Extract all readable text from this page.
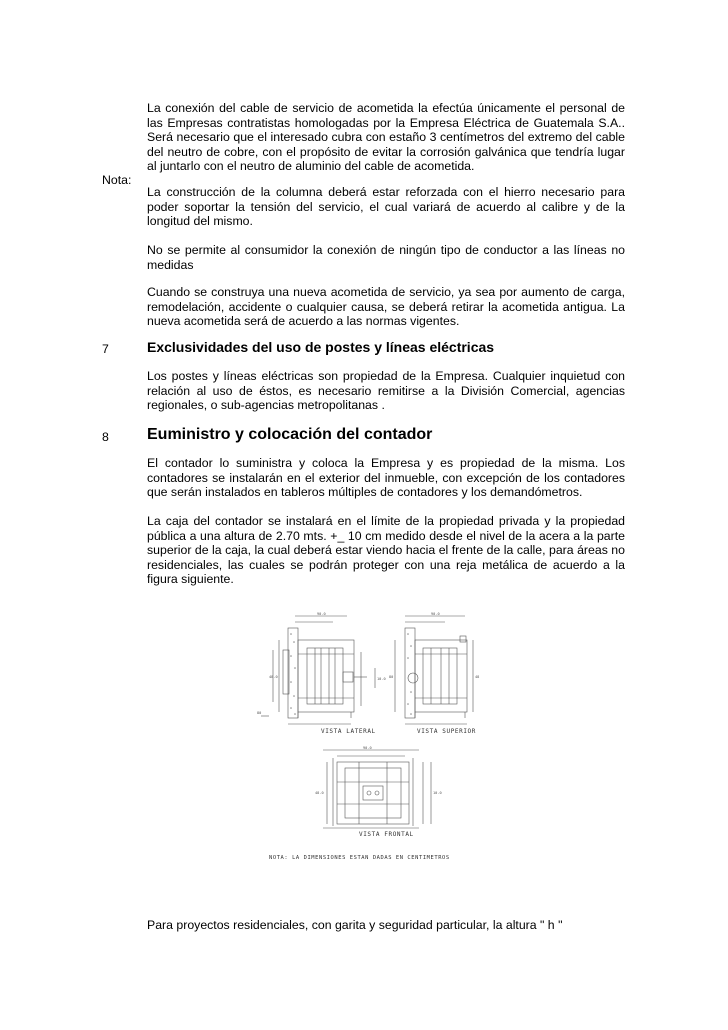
La conexión del cable de servicio de acometida la efectúa únicamente el personal de las Empresas contratistas homologadas por la Empresa Eléctrica de Guatemala S.A.. Será necesario que el interesado cubra con estaño 3 centímetros del extremo del cable del neutro de cobre, con el propósito de evitar la corrosión galvánica que tendría lugar al juntarlo con el neutro de aluminio del cable de acometida.

Nota:

La construcción de la columna deberá estar reforzada con el hierro necesario para poder soportar la tensión del servicio, el cual variará de acuerdo al calibre y de la longitud del mismo.

No se permite al consumidor la conexión de ningún tipo de conductor a las líneas no medidas

Cuando se construya una nueva acometida de servicio, ya sea por aumento de carga, remodelación, accidente o cualquier causa, se deberá retirar la acometida antigua. La nueva acometida será de acuerdo a las normas vigentes.

7	Exclusividades del uso de postes y líneas eléctricas

Los postes y líneas eléctricas son propiedad de la Empresa. Cualquier inquietud con relación al uso de éstos, es necesario remitirse a la División Comercial, agencias regionales, o sub-agencias metropolitanas .

8 Euministro y colocación del contador

El contador lo suministra y coloca la Empresa y es propiedad de la misma. Los contadores se instalarán en el exterior del inmueble, con excepción de los contadores que serán instalados en tableros múltiples de contadores y los demandómetros.

La caja del contador se instalará en el límite de la propiedad privada y la propiedad pública a una altura de 2.70 mts. +_ 10 cm medido desde el nivel de la acera a la parte superior de la caja, la cual deberá estar viendo hacia el frente de la calle, para áreas no residenciales, las cuales se podrán proteger con una reja metálica de acuerdo a la figura siguiente.

90.0
48.0	10.0
80
VISTA LATERAL
90.0
80	48
VISTA SUPERIOR
90.0
48.0	10.0
VISTA FRONTAL
NOTA: LA DIMENSIONES ESTAN DADAS EN CENTIMETROS

Para proyectos residenciales, con garita y seguridad particular, la altura " h "
